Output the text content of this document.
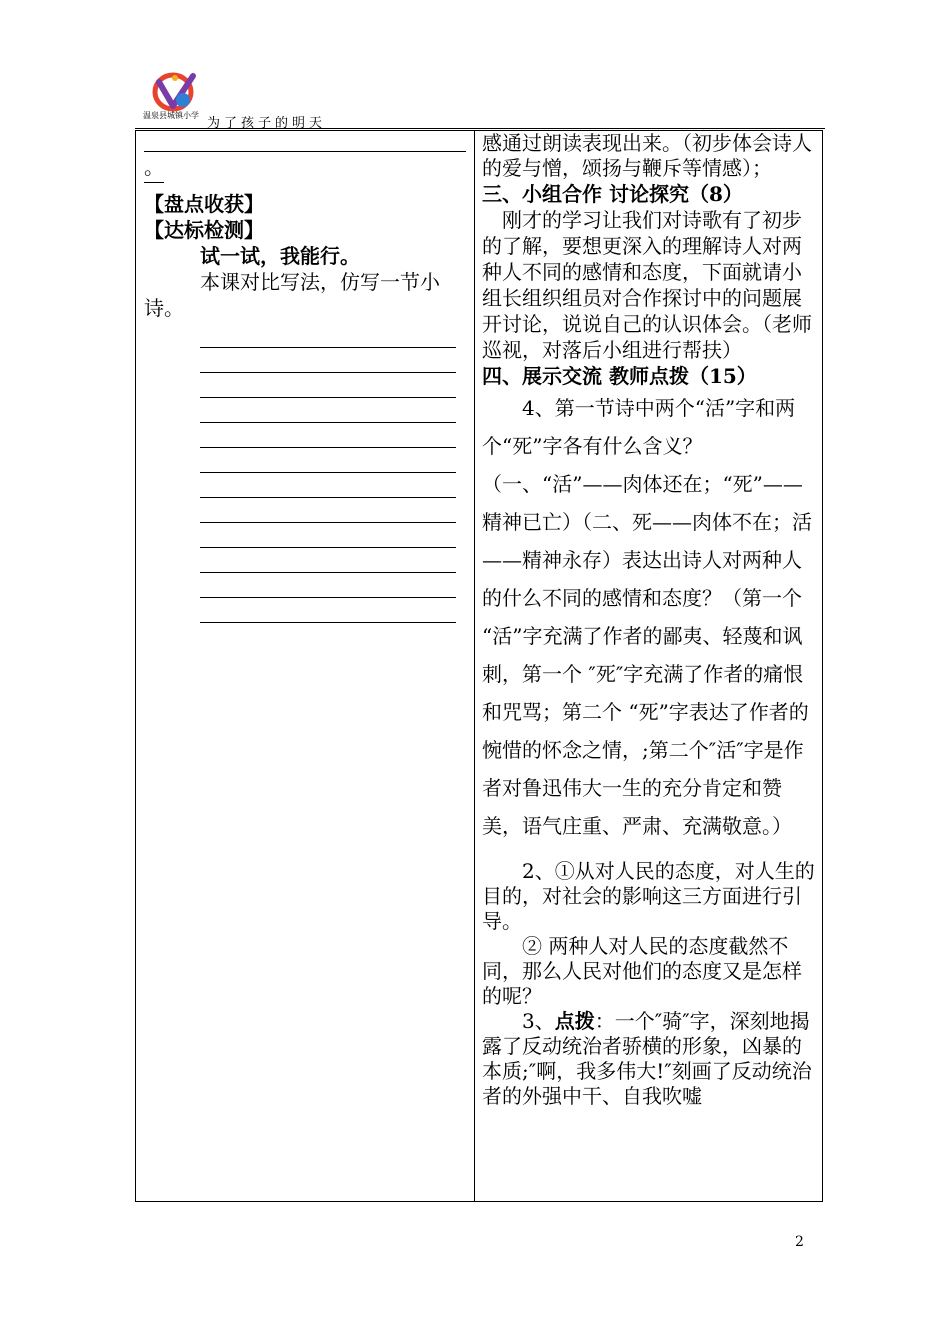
温泉县城镇小学
为了孩子的明天

。

【盘点收获】

【达标检测】

试一试，我能行。

本课对比写法，仿写一节小诗。

感通过朗读表现出来。（初步体会诗人的爱与憎，颂扬与鞭斥等情感）；

三、小组合作 讨论探究（8）

刚才的学习让我们对诗歌有了初步的了解，要想更深入的理解诗人对两种人不同的感情和态度，下面就请小组长组织组员对合作探讨中的问题展开讨论，说说自己的认识体会。（老师巡视，对落后小组进行帮扶）

四、展示交流 教师点拨（15）

4、第一节诗中两个“活”字和两个“死”字各有什么含义？（一、“活”——肉体还在；“死”——精神已亡）（二、死——肉体不在；活——精神永存）表达出诗人对两种人的什么不同的感情和态度？（第一个 “活”字充满了作者的鄙夷、轻蔑和讽刺，第一个 ″死″字充满了作者的痛恨和咒骂；第二个 “死”字表达了作者的惋惜的怀念之情，;第二个″活″字是作者对鲁迅伟大一生的充分肯定和赞美，语气庄重、严肃、充满敬意。）

2、①从对人民的态度，对人生的目的，对社会的影响这三方面进行引导。

② 两种人对人民的态度截然不同，那么人民对他们的态度又是怎样的呢？

3、点拨：一个″骑″字，深刻地揭露了反动统治者骄横的形象，凶暴的本质;″啊，我多伟大!″刻画了反动统治者的外强中干、自我吹嘘

2
